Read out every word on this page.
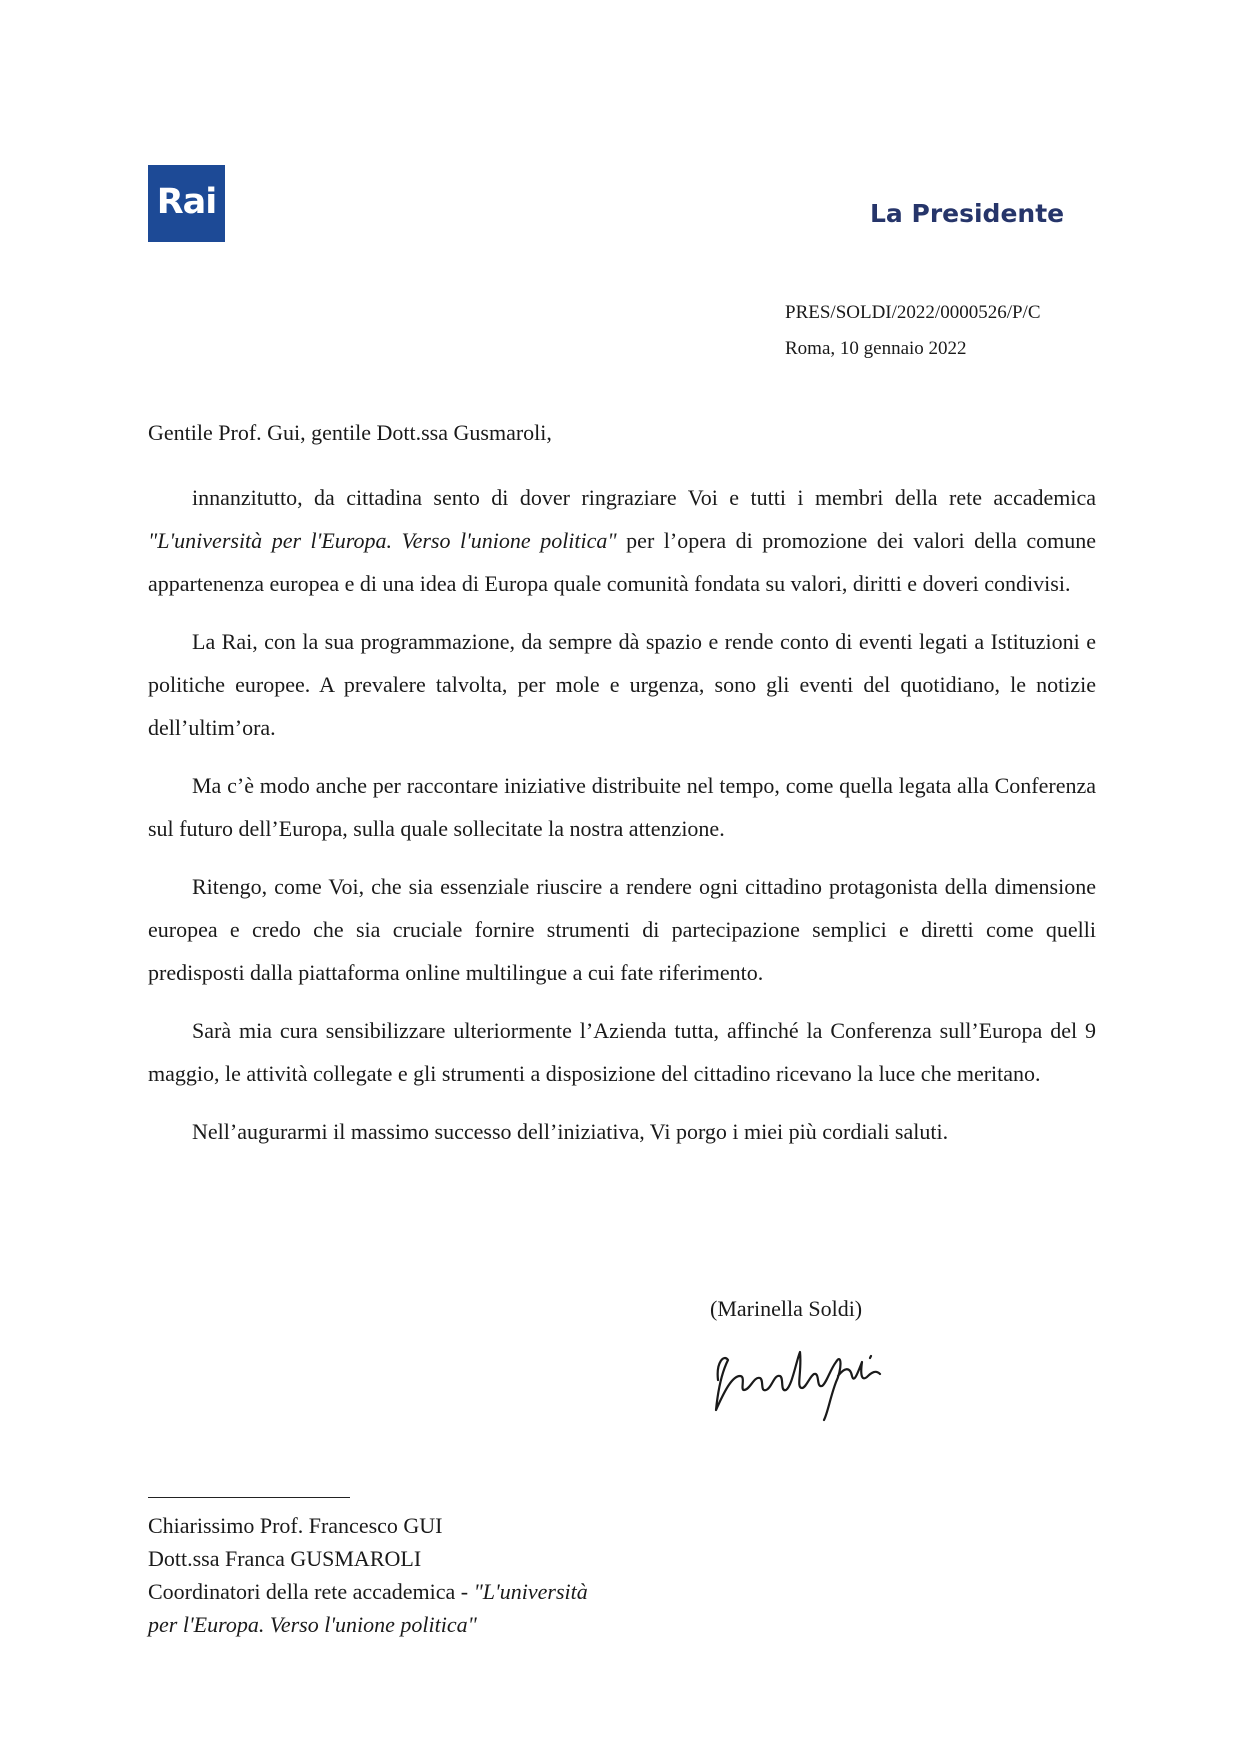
Rai	La Presidente
PRES/SOLDI/2022/0000526/P/C
Roma, 10 gennaio 2022
Gentile Prof. Gui, gentile Dott.ssa Gusmaroli,

innanzitutto, da cittadina sento di dover ringraziare Voi e tutti i membri della rete accademica "L'università per l'Europa. Verso l'unione politica" per l’opera di promozione dei valori della comune appartenenza europea e di una idea di Europa quale comunità fondata su valori, diritti e doveri condivisi.

La Rai, con la sua programmazione, da sempre dà spazio e rende conto di eventi legati a Istituzioni e politiche europee. A prevalere talvolta, per mole e urgenza, sono gli eventi del quotidiano, le notizie dell’ultim’ora.

Ma c’è modo anche per raccontare iniziative distribuite nel tempo, come quella legata alla Conferenza sul futuro dell’Europa, sulla quale sollecitate la nostra attenzione.

Ritengo, come Voi, che sia essenziale riuscire a rendere ogni cittadino protagonista della dimensione europea e credo che sia cruciale fornire strumenti di partecipazione semplici e diretti come quelli predisposti dalla piattaforma online multilingue a cui fate riferimento.

Sarà mia cura sensibilizzare ulteriormente l’Azienda tutta, affinché la Conferenza sull’Europa del 9 maggio, le attività collegate e gli strumenti a disposizione del cittadino ricevano la luce che meritano.

Nell’augurarmi il massimo successo dell’iniziativa, Vi porgo i miei più cordiali saluti.

(Marinella Soldi)
Chiarissimo Prof. Francesco GUI
Dott.ssa Franca GUSMAROLI
Coordinatori della rete accademica - "L'università
per l'Europa. Verso l'unione politica"
